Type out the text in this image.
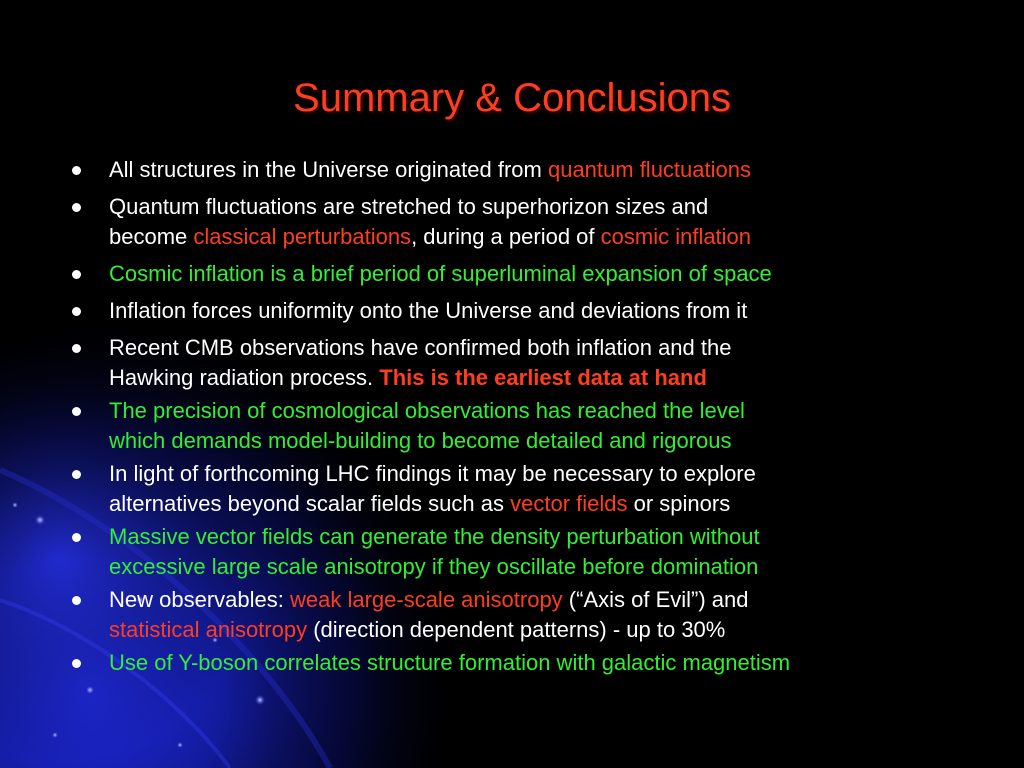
Summary & Conclusions
All structures in the Universe originated from quantum fluctuations
Quantum fluctuations are stretched to superhorizon sizes and
become classical perturbations, during a period of cosmic inflation
Cosmic inflation is a brief period of superluminal expansion of space
Inflation forces uniformity onto the Universe and deviations from it
Recent CMB observations have confirmed both inflation and the
Hawking radiation process. This is the earliest data at hand
The precision of cosmological observations has reached the level
which demands model-building to become detailed and rigorous
In light of forthcoming LHC findings it may be necessary to explore
alternatives beyond scalar fields such as vector fields or spinors
Massive vector fields can generate the density perturbation without
excessive large scale anisotropy if they oscillate before domination
New observables: weak large-scale anisotropy (“Axis of Evil”) and
statistical anisotropy (direction dependent patterns) - up to 30%
Use of Y-boson correlates structure formation with galactic magnetism
